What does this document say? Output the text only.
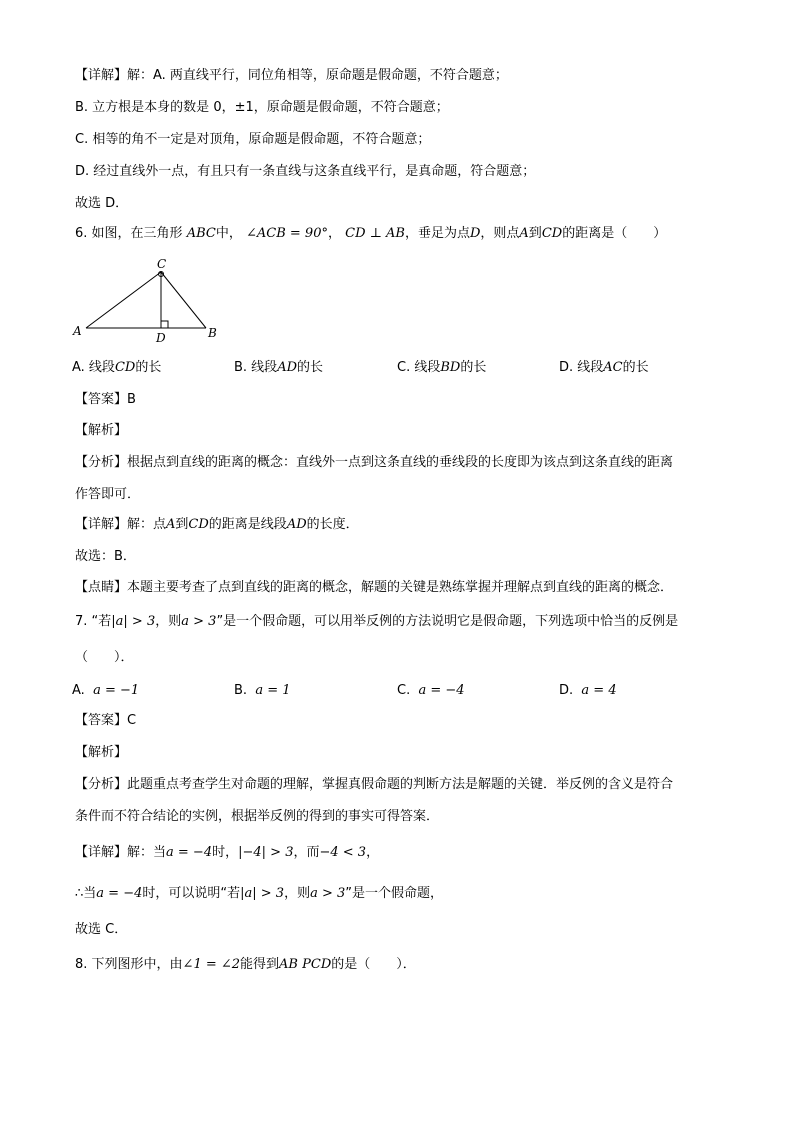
【详解】解：A. 两直线平行，同位角相等，原命题是假命题，不符合题意；
B. 立方根是本身的数是 0，±1，原命题是假命题，不符合题意；
C. 相等的角不一定是对顶角，原命题是假命题，不符合题意；
D. 经过直线外一点，有且只有一条直线与这条直线平行，是真命题，符合题意；
故选 D．
6. 如图，在三角形 ABC中， ∠ACB = 90°， CD ⊥ AB，垂足为点D，则点A到CD的距离是（　　）
C
A	B
D
A. 线段CD的长	B. 线段AD的长	C. 线段BD的长	D. 线段AC的长
【答案】B
【解析】
【分析】根据点到直线的距离的概念：直线外一点到这条直线的垂线段的长度即为该点到这条直线的距离
作答即可．
【详解】解：点A到CD的距离是线段AD的长度．
故选：B．
【点睛】本题主要考查了点到直线的距离的概念，解题的关键是熟练掌握并理解点到直线的距离的概念．
7. “若|a| > 3，则a > 3”是一个假命题，可以用举反例的方法说明它是假命题，下列选项中恰当的反例是
（　　）．
A. a = −1	B. a = 1	C. a = −4	D. a = 4
【答案】C
【解析】
【分析】此题重点考查学生对命题的理解，掌握真假命题的判断方法是解题的关键．举反例的含义是符合
条件而不符合结论的实例，根据举反例的得到的事实可得答案．
【详解】解：当a = −4时，|−4| > 3，而−4 < 3，
∴当a = −4时，可以说明“若|a| > 3，则a > 3”是一个假命题，
故选 C．
8. 下列图形中，由∠1 = ∠2能得到AB PCD的是（　　）．
